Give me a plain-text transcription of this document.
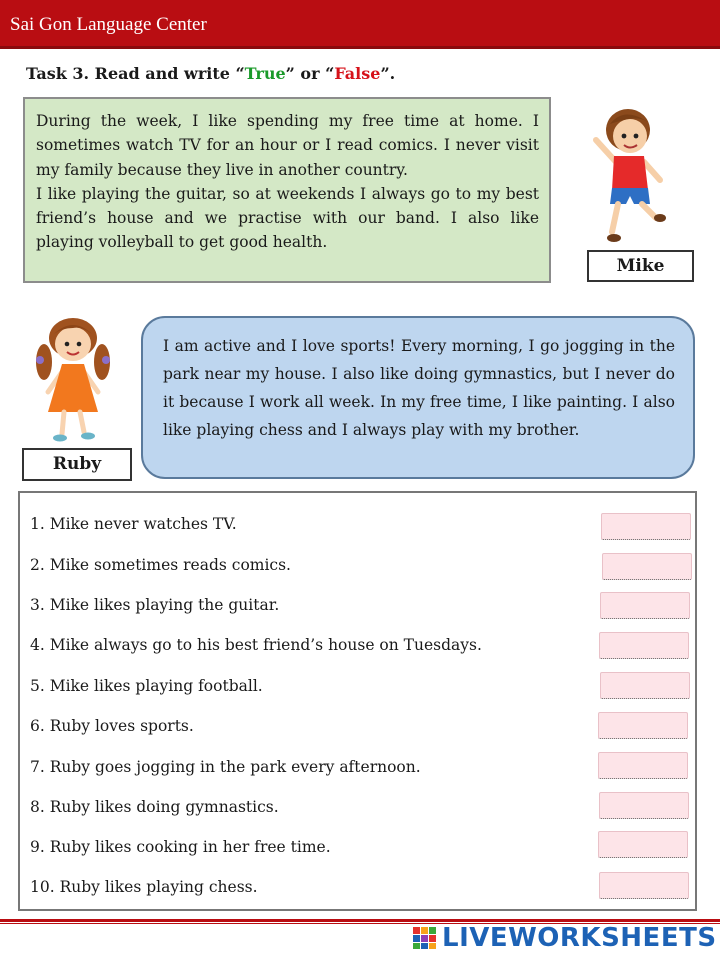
Sai Gon Language Center
Task 3. Read and write “True” or “False”.

During the week, I like spending my free time at home. I sometimes watch TV for an hour or I read comics. I never visit my family because they live in another country.

I like playing the guitar, so at weekends I always go to my best friend’s house and we practise with our band. I also like playing volleyball to get good health.

Mike
Ruby

I am active and I love sports! Every morning, I go jogging in the park near my house. I also like doing gymnastics, but I never do it because I work all week. In my free time, I like painting. I also like playing chess and I always play with my brother.

1. Mike never watches TV.
2. Mike sometimes reads comics.
3. Mike likes playing the guitar.
4. Mike always go to his best friend’s house on Tuesdays.
5. Mike likes playing football.
6. Ruby loves sports.
7. Ruby goes jogging in the park every afternoon.
8. Ruby likes doing gymnastics.
9. Ruby likes cooking in her free time.
10. Ruby likes playing chess.
LIVEWORKSHEETS
